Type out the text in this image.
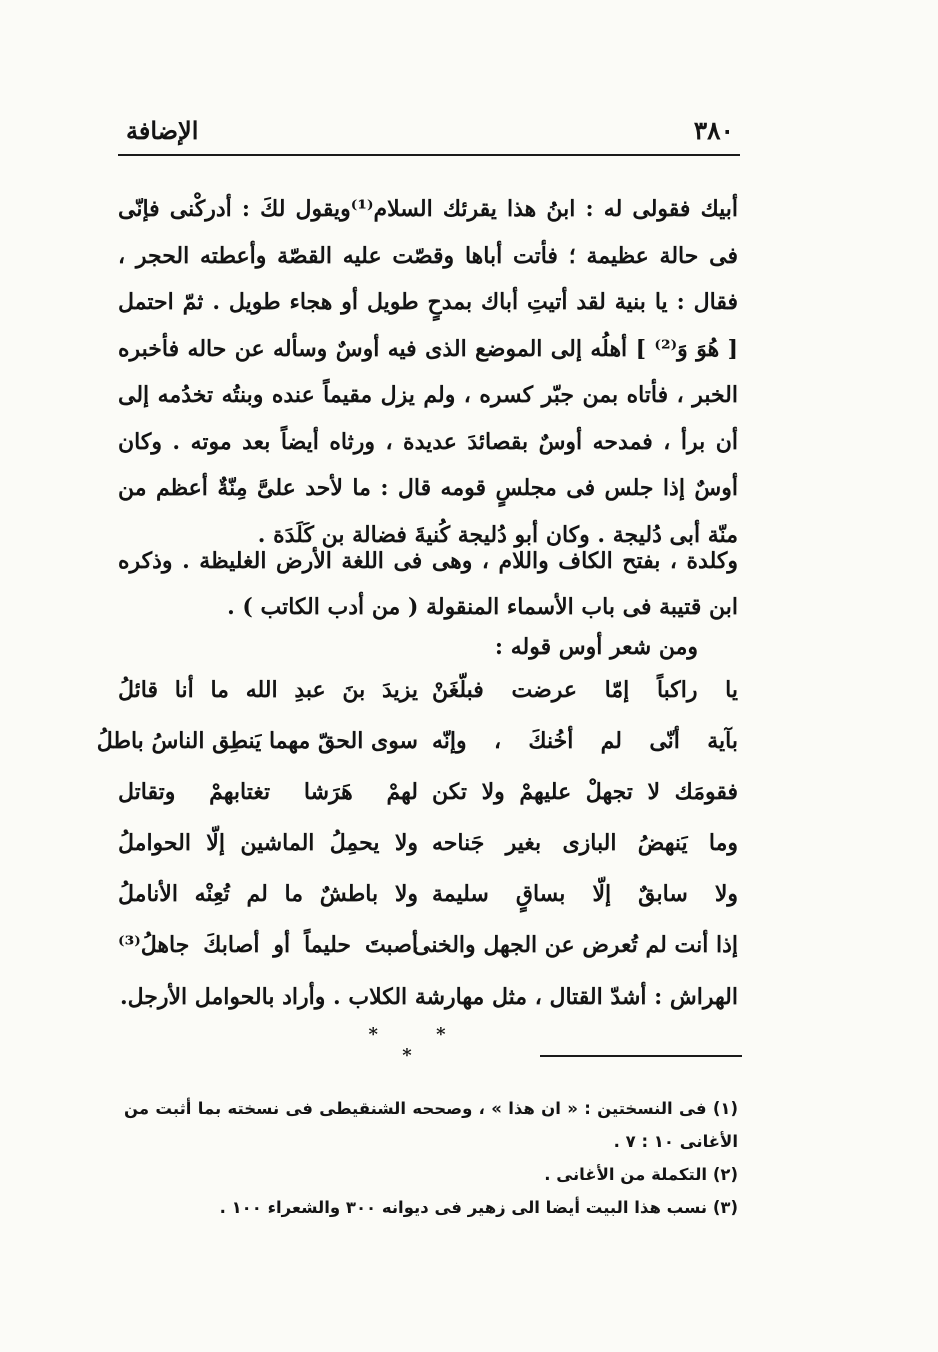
٣٨٠
الإضافة

أبيك فقولى له : ابنُ هذا يقرئك السلام⁽¹⁾ويقول لكَ : أدركْنى فإنّى فى حالة عظيمة ؛ فأتت أباها وقصّت عليه القصّة وأعطته الحجر ، فقال : يا بنية لقد أتيتِ أباك بمدحٍ طويل أو هجاء طويل . ثمّ احتمل [ هُوَ وَ⁽²⁾ ] أهلُه إلى الموضع الذى فيه أوسٌ وسأله عن حاله فأخبره الخبر ، فأتاه بمن جبّر كسره ، ولم يزل مقيماً عنده وبنتُه تخدُمه إلى أن برأ ، فمدحه أوسٌ بقصائدَ عديدة ، ورثاه أيضاً بعد موته . وكان أوسٌ إذا جلس فى مجلسٍ قومه قال : ما لأحد علىَّ مِنّةٌ أعظم من منّة أبى دُليجة . وكان أبو دُليجة كُنيةَ فضالة بن كَلَدَة .

وكلدة ، بفتح الكاف واللام ، وهى فى اللغة الأرض الغليظة . وذكره ابن قتيبة فى باب الأسماء المنقولة ( من أدب الكاتب ) .

ومن شعر أوس قوله :

يا راكباً إمّا عرضت فبلّغَنْ
يزيدَ بنَ عبدِ الله ما أنا قائلُ
بآية أنّى لم أخُنكَ ، وإنّه
سوى الحقّ مهما يَنطِق الناسُ باطلُ
فقومَك لا تجهلْ عليهمْ ولا تكن
لهمْ هَرَشا تغتابهمْ وتقاتل
وما يَنهضُ البازى بغير جَناحه
ولا يحمِلُ الماشين إلّا الحواملُ
ولا سابقٌ إلّا بساقٍ سليمة
ولا باطشٌ ما لم تُعِنْه الأناملُ
إذا أنت لم تُعرض عن الجهل والخنى
أصبتَ حليماً أو أصابكَ جاهلُ⁽³⁾

الهراش : أشدّ القتال ، مثل مهارشة الكلاب . وأراد بالحوامل الأرجل.

* * *

(١) فى النسختين : « ان هذا » ، وصححه الشنقيطى فى نسخته بما أثبت من الأغانى ١٠ : ٧ .

(٢) التكملة من الأغانى .

(٣) نسب هذا البيت أيضا الى زهير فى ديوانه ٣٠٠ والشعراء ١٠٠ .
